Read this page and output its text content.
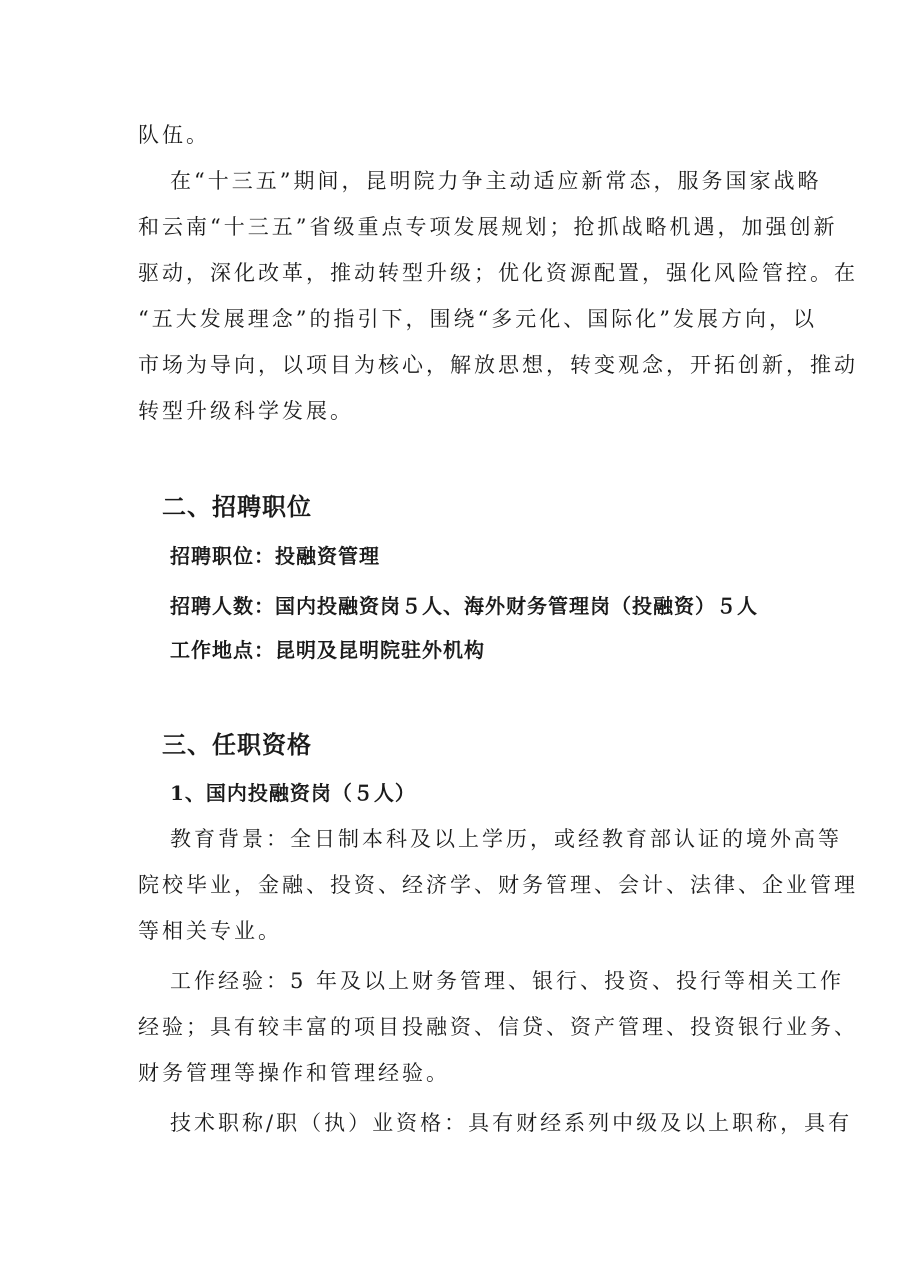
队伍。
在“十三五”期间，昆明院力争主动适应新常态，服务国家战略
和云南“十三五”省级重点专项发展规划；抢抓战略机遇，加强创新
驱动，深化改革，推动转型升级；优化资源配置，强化风险管控。在
“五大发展理念”的指引下，围绕“多元化、国际化”发展方向，以
市场为导向，以项目为核心，解放思想，转变观念，开拓创新，推动
转型升级科学发展。
二、招聘职位
招聘职位：投融资管理
招聘人数：国内投融资岗５人、海外财务管理岗（投融资）５人
工作地点：昆明及昆明院驻外机构
三、任职资格
1、国内投融资岗（５人）
教育背景：全日制本科及以上学历，或经教育部认证的境外高等
院校毕业，金融、投资、经济学、财务管理、会计、法律、企业管理
等相关专业。
工作经验：5 年及以上财务管理、银行、投资、投行等相关工作
经验；具有较丰富的项目投融资、信贷、资产管理、投资银行业务、
财务管理等操作和管理经验。
技术职称/职（执）业资格：具有财经系列中级及以上职称，具有
